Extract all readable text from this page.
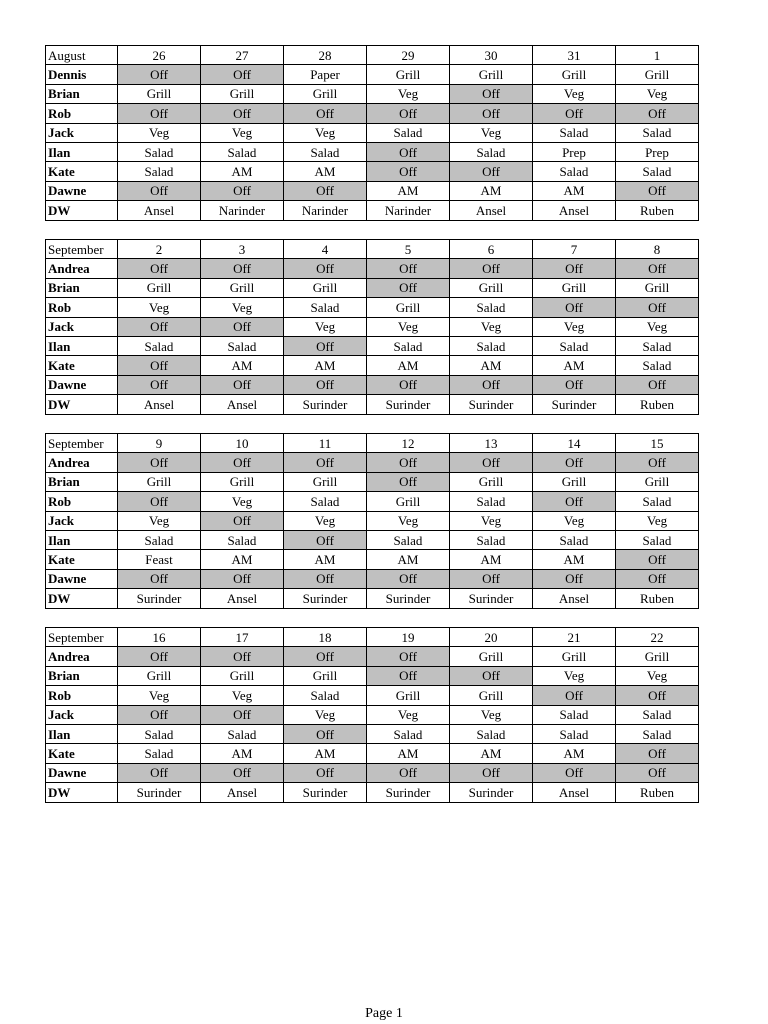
August	26	27	28	29	30	31	1
Dennis	Off	Off	Paper	Grill	Grill	Grill	Grill
Brian	Grill	Grill	Grill	Veg	Off	Veg	Veg
Rob	Off	Off	Off	Off	Off	Off	Off
Jack	Veg	Veg	Veg	Salad	Veg	Salad	Salad
Ilan	Salad	Salad	Salad	Off	Salad	Prep	Prep
Kate	Salad	AM	AM	Off	Off	Salad	Salad
Dawne	Off	Off	Off	AM	AM	AM	Off
DW	Ansel	Narinder	Narinder	Narinder	Ansel	Ansel	Ruben
September	2	3	4	5	6	7	8
Andrea	Off	Off	Off	Off	Off	Off	Off
Brian	Grill	Grill	Grill	Off	Grill	Grill	Grill
Rob	Veg	Veg	Salad	Grill	Salad	Off	Off
Jack	Off	Off	Veg	Veg	Veg	Veg	Veg
Ilan	Salad	Salad	Off	Salad	Salad	Salad	Salad
Kate	Off	AM	AM	AM	AM	AM	Salad
Dawne	Off	Off	Off	Off	Off	Off	Off
DW	Ansel	Ansel	Surinder	Surinder	Surinder	Surinder	Ruben
September	9	10	11	12	13	14	15
Andrea	Off	Off	Off	Off	Off	Off	Off
Brian	Grill	Grill	Grill	Off	Grill	Grill	Grill
Rob	Off	Veg	Salad	Grill	Salad	Off	Salad
Jack	Veg	Off	Veg	Veg	Veg	Veg	Veg
Ilan	Salad	Salad	Off	Salad	Salad	Salad	Salad
Kate	Feast	AM	AM	AM	AM	AM	Off
Dawne	Off	Off	Off	Off	Off	Off	Off
DW	Surinder	Ansel	Surinder	Surinder	Surinder	Ansel	Ruben
September	16	17	18	19	20	21	22
Andrea	Off	Off	Off	Off	Grill	Grill	Grill
Brian	Grill	Grill	Grill	Off	Off	Veg	Veg
Rob	Veg	Veg	Salad	Grill	Grill	Off	Off
Jack	Off	Off	Veg	Veg	Veg	Salad	Salad
Ilan	Salad	Salad	Off	Salad	Salad	Salad	Salad
Kate	Salad	AM	AM	AM	AM	AM	Off
Dawne	Off	Off	Off	Off	Off	Off	Off
DW	Surinder	Ansel	Surinder	Surinder	Surinder	Ansel	Ruben
Page 1
